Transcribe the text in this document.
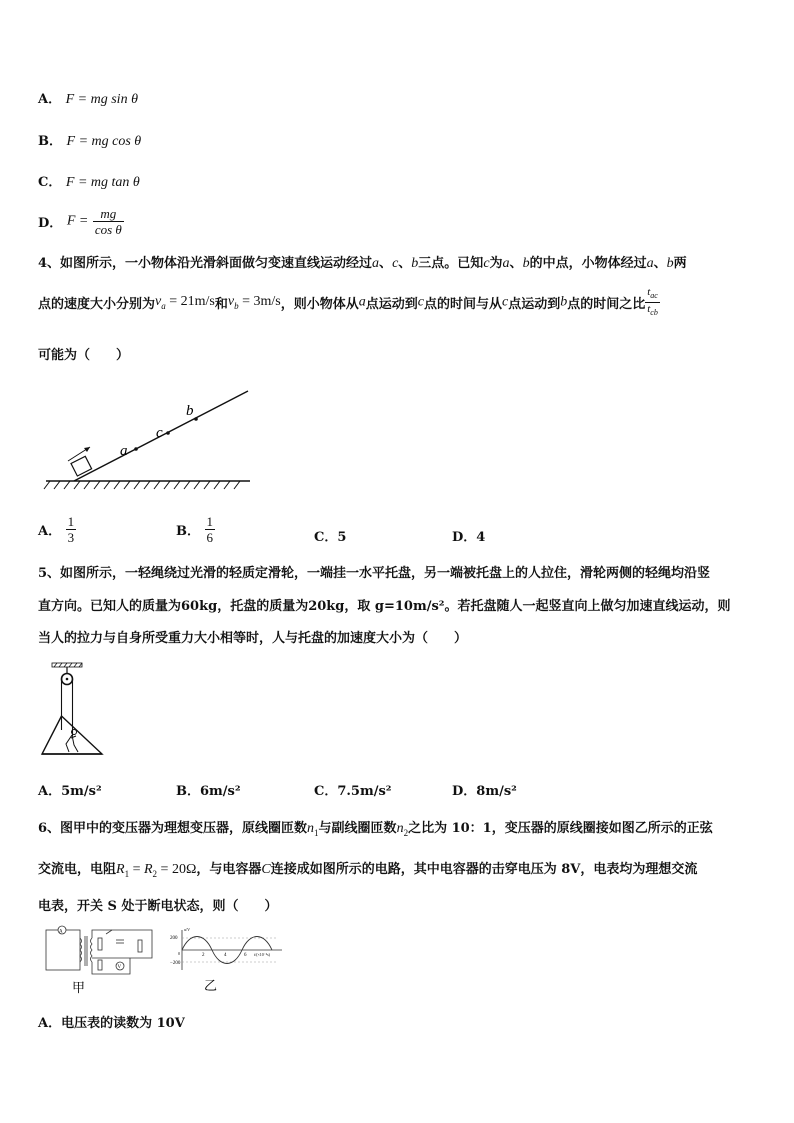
A． F = mg sin θ
B． F = mg cos θ
C． F = mg tan θ
D． $F = \frac{mg}{\text{cos θ}}$
4、如图所示，一小物体沿光滑斜面做匀变速直线运动经过a、c、b三点。已知c为a、b的中点，小物体经过a、b两
点的速度大小分别为$v_a = 21m/s$和$v_b = 3m/s$，则小物体从a点运动到c点的时间与从c点运动到b点的时间之比 $\frac{t_{ac}}{t_{cb}}$
可能为（　　）
a
c
b
A． $\frac{1}{3}$	B． $\frac{1}{6}$	C．5	D．4
5、如图所示，一轻绳绕过光滑的轻质定滑轮，一端挂一水平托盘，另一端被托盘上的人拉住，滑轮两侧的轻绳均沿竖
直方向。已知人的质量为60kg，托盘的质量为20kg，取 g=10m/s²。若托盘随人一起竖直向上做匀加速直线运动，则
当人的拉力与自身所受重力大小相等时，人与托盘的加速度大小为（　　）
A．5m/s²	B．6m/s²	C．7.5m/s²	D．8m/s²
6、图甲中的变压器为理想变压器，原线圈匝数$n_1$与副线圈匝数$n_2$之比为 10：1，变压器的原线圈接如图乙所示的正弦
交流电，电阻$R_1 = R_2 = 20\Omega$，与电容器C连接成如图所示的电路，其中电容器的击穿电压为 8V，电表均为理想交流
电表，开关 S 处于断电状态，则（　　）
A
V
甲
200
−200
u/V
0	2	4	6 t/(×10⁻²s)
乙
A．电压表的读数为 10V
